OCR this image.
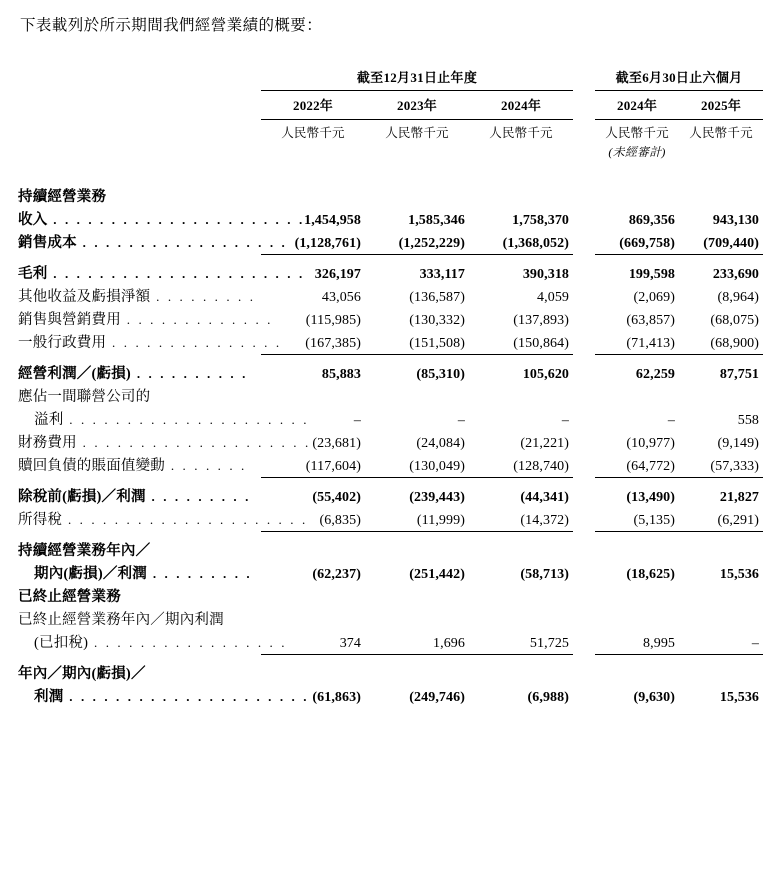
下表載列於所示期間我們經營業績的概要：

	截至12月31日止年度				截至6月30日止六個月	

	2022年	2023年	2024年		2024年	2025年

	人民幣千元	人民幣千元	人民幣千元		人民幣千元	人民幣千元
					(未經審計)	

持續經營業務						
收入 . . . . . . . . . . . . . . . . . . . . . .	1,454,958	1,585,346	1,758,370		869,356	943,130
銷售成本 . . . . . . . . . . . . . . . . . .	(1,128,761)	(1,252,229)	(1,368,052)		(669,758)	(709,440)

毛利 . . . . . . . . . . . . . . . . . . . . . .	326,197	333,117	390,318		199,598	233,690
其他收益及虧損淨額 . . . . . . . . .	43,056	(136,587)	4,059		(2,069)	(8,964)
銷售與營銷費用 . . . . . . . . . . . . .	(115,985)	(130,332)	(137,893)		(63,857)	(68,075)
一般行政費用 . . . . . . . . . . . . . . .	(167,385)	(151,508)	(150,864)		(71,413)	(68,900)

經營利潤／(虧損) . . . . . . . . . .	85,883	(85,310)	105,620		62,259	87,751
應佔一間聯營公司的						
溢利 . . . . . . . . . . . . . . . . . . . . .	–	–	–		–	558
財務費用 . . . . . . . . . . . . . . . . . . . .	(23,681)	(24,084)	(21,221)		(10,977)	(9,149)
贖回負債的賬面值變動 . . . . . . .	(117,604)	(130,049)	(128,740)		(64,772)	(57,333)

除稅前(虧損)／利潤 . . . . . . . . .	(55,402)	(239,443)	(44,341)		(13,490)	21,827
所得稅 . . . . . . . . . . . . . . . . . . . . .	(6,835)	(11,999)	(14,372)		(5,135)	(6,291)

持續經營業務年內／						
期內(虧損)／利潤 . . . . . . . . .	(62,237)	(251,442)	(58,713)		(18,625)	15,536
已終止經營業務						
已終止經營業務年內／期內利潤						
(已扣稅) . . . . . . . . . . . . . . . . .	374	1,696	51,725		8,995	–

年內／期內(虧損)／						
利潤 . . . . . . . . . . . . . . . . . . . . .	(61,863)	(249,746)	(6,988)		(9,630)	15,536
